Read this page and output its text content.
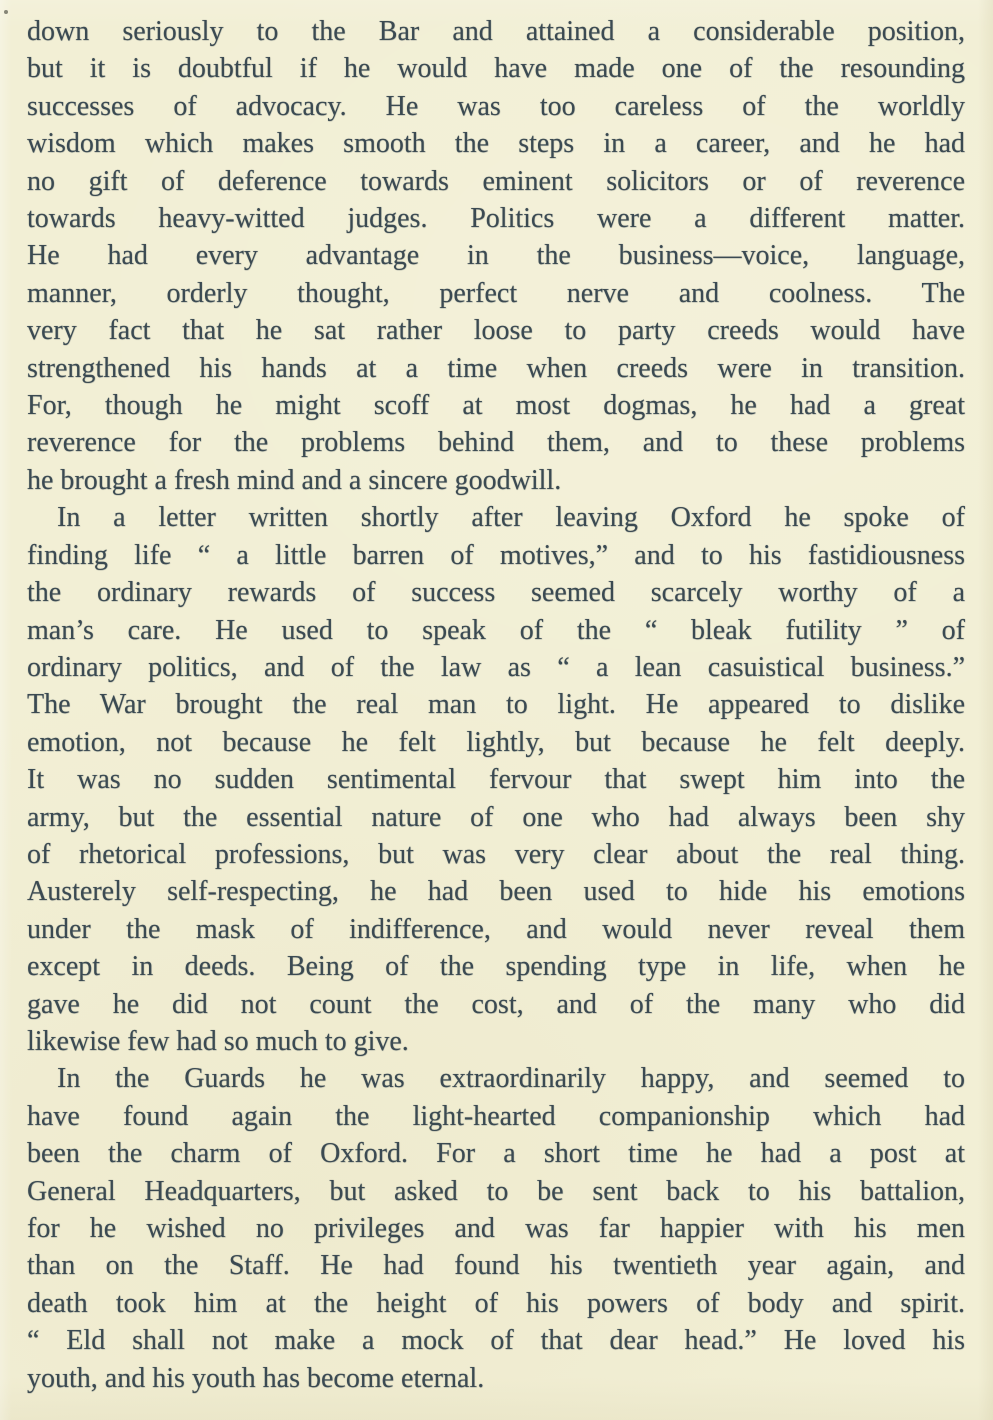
down seriously to the Bar and attained a considerable position,
but it is doubtful if he would have made one of the resounding
successes of advocacy. He was too careless of the worldly
wisdom which makes smooth the steps in a career, and he had
no gift of deference towards eminent solicitors or of reverence
towards heavy-witted judges. Politics were a different matter.
He had every advantage in the business—voice, language,
manner, orderly thought, perfect nerve and coolness. The
very fact that he sat rather loose to party creeds would have
strengthened his hands at a time when creeds were in transition.
For, though he might scoff at most dogmas, he had a great
reverence for the problems behind them, and to these problems
he brought a fresh mind and a sincere goodwill.

In a letter written shortly after leaving Oxford he spoke of
finding life “ a little barren of motives,” and to his fastidiousness
the ordinary rewards of success seemed scarcely worthy of a
man’s care. He used to speak of the “ bleak futility ” of
ordinary politics, and of the law as “ a lean casuistical business.”
The War brought the real man to light. He appeared to dislike
emotion, not because he felt lightly, but because he felt deeply.
It was no sudden sentimental fervour that swept him into the
army, but the essential nature of one who had always been shy
of rhetorical professions, but was very clear about the real thing.
Austerely self-respecting, he had been used to hide his emotions
under the mask of indifference, and would never reveal them
except in deeds. Being of the spending type in life, when he
gave he did not count the cost, and of the many who did
likewise few had so much to give.

In the Guards he was extraordinarily happy, and seemed to
have found again the light-hearted companionship which had
been the charm of Oxford. For a short time he had a post at
General Headquarters, but asked to be sent back to his battalion,
for he wished no privileges and was far happier with his men
than on the Staff. He had found his twentieth year again, and
death took him at the height of his powers of body and spirit.
“ Eld shall not make a mock of that dear head.” He loved his
youth, and his youth has become eternal.
